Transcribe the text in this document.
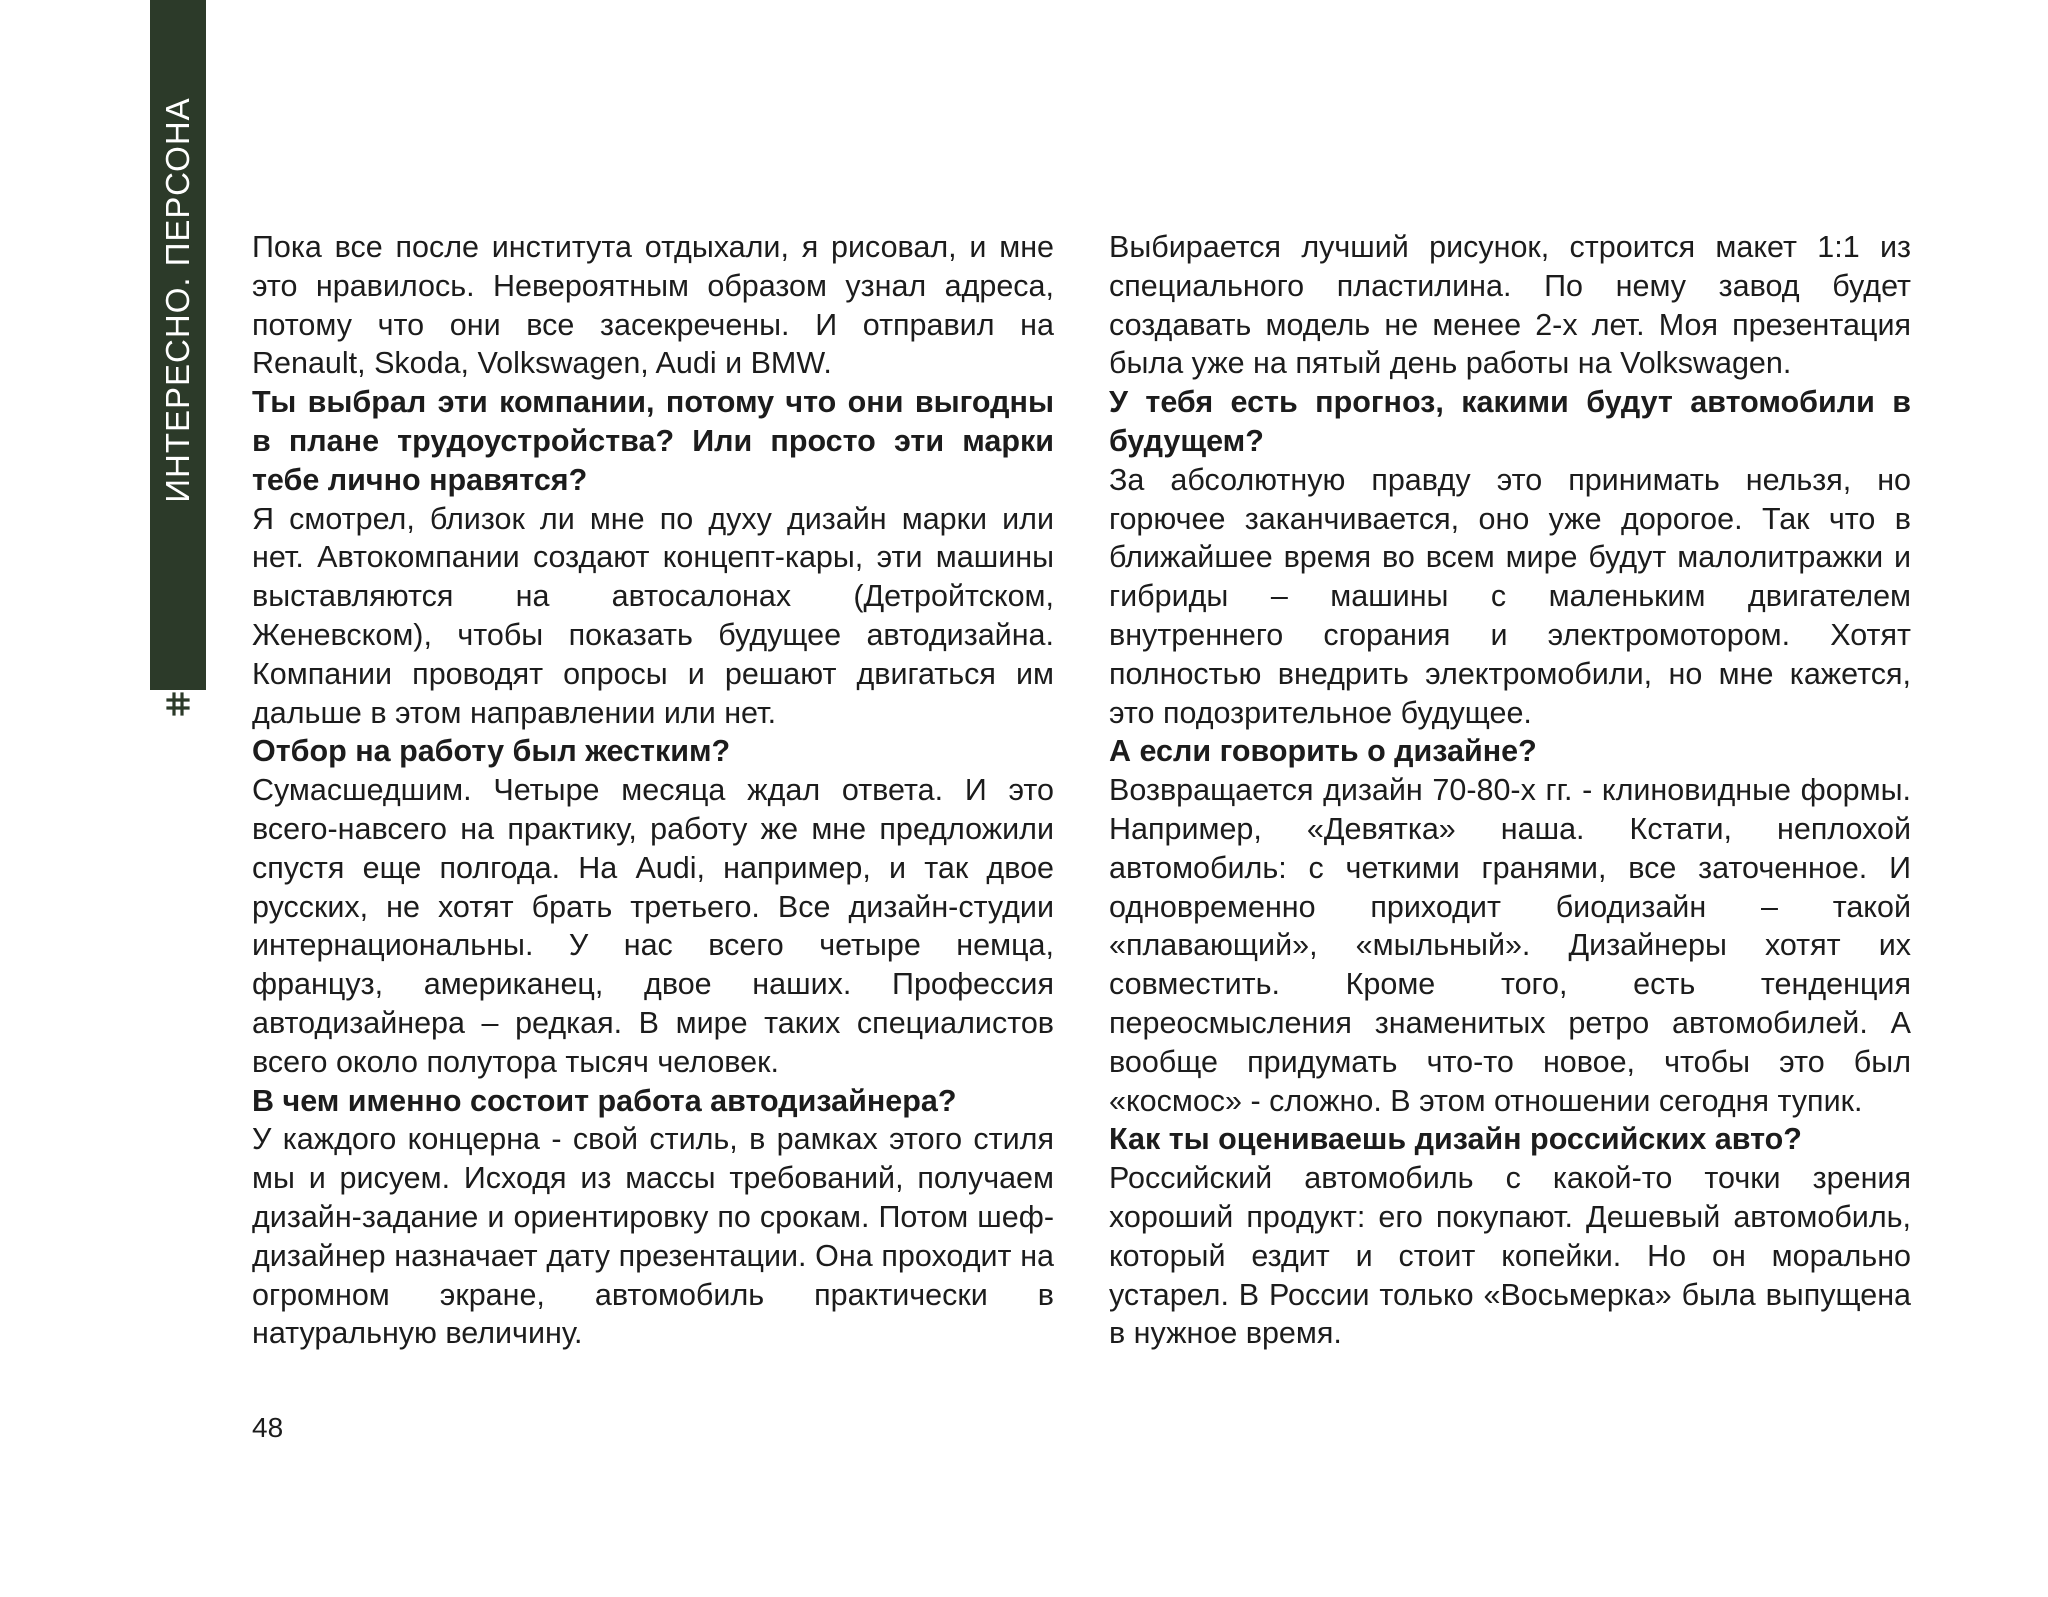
ИНТЕРЕСНО. ПЕРСОНА Пока все после института отдыхали, я рисовал, и мне это нравилось. Невероятным образом узнал адреса, потому что они все засекречены. И отправил на Renault, Skoda, Volkswagen, Audi и BMW.

Ты выбрал эти компании, потому что они выгодны в плане трудоустройства? Или просто эти марки тебе лично нравятся?

Я смотрел, близок ли мне по духу дизайн марки или нет. Автокомпании создают концепт-кары, эти машины выставляются на автосалонах (Детройтском, Женевском), чтобы показать будущее автодизайна. Компании проводят опросы и решают двигаться им дальше в этом направлении или нет.

Отбор на работу был жестким?

Сумасшедшим. Четыре месяца ждал ответа. И это всего-навсего на практику, работу же мне предложили спустя еще полгода. На Audi, например, и так двое русских, не хотят брать третьего. Все дизайн-студии интернациональны. У нас всего четыре немца, француз, американец, двое наших. Профессия автодизайнера – редкая. В мире таких специалистов всего около полутора тысяч человек.

В чем именно состоит работа автодизайнера?

У каждого концерна - свой стиль, в рамках этого стиля мы и рисуем. Исходя из массы требований, получаем дизайн-задание и ориентировку по срокам. Потом шеф-дизайнер назначает дату презентации. Она проходит на огромном экране, автомобиль практически в натуральную величину.

Выбирается лучший рисунок, строится макет 1:1 из специального пластилина. По нему завод будет создавать модель не менее 2-х лет. Моя презентация была уже на пятый день работы на Volkswagen.

У тебя есть прогноз, какими будут автомобили в будущем?

За абсолютную правду это принимать нельзя, но горючее заканчивается, оно уже дорогое. Так что в ближайшее время во всем мире будут малолитражки и гибриды – машины с маленьким двигателем внутреннего сгорания и электромотором. Хотят полностью внедрить электромобили, но мне кажется, это подозрительное будущее.

А если говорить о дизайне?

Возвращается дизайн 70-80-х гг. - клиновидные формы. Например, «Девятка» наша. Кстати, неплохой автомобиль: с четкими гранями, все заточенное. И одновременно приходит биодизайн – такой «плавающий», «мыльный». Дизайнеры хотят их совместить. Кроме того, есть тенденция переосмысления знаменитых ретро автомобилей. А вообще придумать что-то новое, чтобы это был «космос» - сложно. В этом отношении сегодня тупик.

Как ты оцениваешь дизайн российских авто?

Российский автомобиль с какой-то точки зрения хороший продукт: его покупают. Дешевый автомобиль, который ездит и стоит копейки. Но он морально устарел. В России только «Восьмерка» была выпущена в нужное время.

48
